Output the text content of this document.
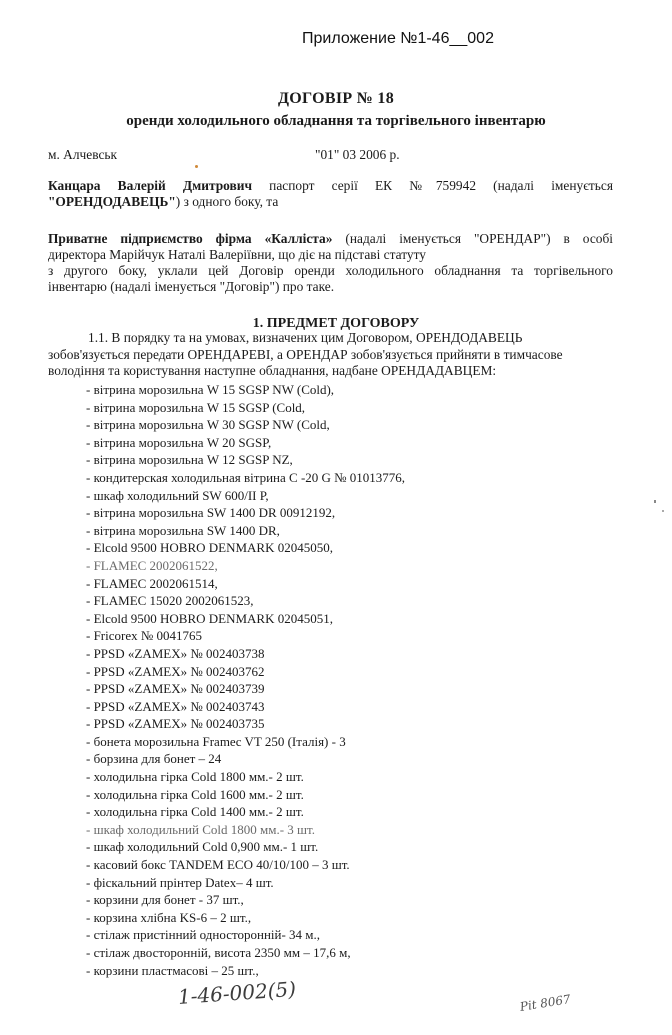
Приложение №1-46__002
ДОГОВІР № 18
оренди холодильного обладнання та торгівельного інвентарю
м. Алчевськ	"01" 03 2006 р.
Канцара Валерій Дмитрович паспорт серії ЕК №759942 (надалі іменується
"ОРЕНДОДАВЕЦЬ") з одного боку, та
Приватне підприємство фірма «Калліста» (надалі іменується "ОРЕНДАР") в особі
директора Марійчук Наталі Валеріївни, що діє на підставі статуту
з другого боку, уклали цей Договір оренди холодильного обладнання та торгівельного
інвентарю (надалі іменується "Договір") про таке.
1. ПРЕДМЕТ ДОГОВОРУ
1.1. В порядку та на умовах, визначених цим Договором, ОРЕНДОДАВЕЦЬ
зобов'язується передати ОРЕНДАРЕВІ, а ОРЕНДАР зобов'язується прийняти в тимчасове
володіння та користування наступне обладнання, надбане ОРЕНДАДАВЦЕМ:
- вітрина морозильна W 15 SGSP NW (Cold),
- вітрина морозильна W 15 SGSP (Cold,
- вітрина морозильна W 30 SGSP NW (Cold,
- вітрина морозильна W 20 SGSP,
- вітрина морозильна W 12 SGSP NZ,
- кондитерская холодильная вітрина С -20 G № 01013776,
- шкаф холодильний SW 600/II Р,
- вітрина морозильна SW 1400 DR 00912192,
- вітрина морозильна SW 1400 DR,
- Elcold 9500 HOBRO DENMARK 02045050,
- FLAMEC 2002061522,
- FLAMEC 2002061514,
- FLAMEC 15020 2002061523,
- Elcold 9500 HOBRO DENMARK 02045051,
- Fricorex № 0041765
- PPSD «ZAMEX» № 002403738
- PPSD «ZAMEX» № 002403762
- PPSD «ZAMEX» № 002403739
- PPSD «ZAMEX» № 002403743
- PPSD «ZAMEX» № 002403735
- бонета морозильна Framec VT 250 (Італія) - 3
- борзина для бонет – 24
- холодильна гірка Cold 1800 мм.- 2 шт.
- холодильна гірка Cold 1600 мм.- 2 шт.
- холодильна гірка Cold 1400 мм.- 2 шт.
- шкаф холодильний Cold 1800 мм.- 3 шт.
- шкаф холодильний Cold 0,900 мм.- 1 шт.
- касовий бокс TANDEM ECO 40/10/100 – 3 шт.
- фіскальний прінтер Datex– 4 шт.
- корзини для бонет - 37 шт.,
- корзина хлібна KS-6 – 2 шт.,
- стілаж пристінний односторонній- 34 м.,
- стілаж двосторонній, висота 2350 мм – 17,6 м,
- корзини пластмасові – 25 шт.,
1-46-002(5)	Pit 8067
